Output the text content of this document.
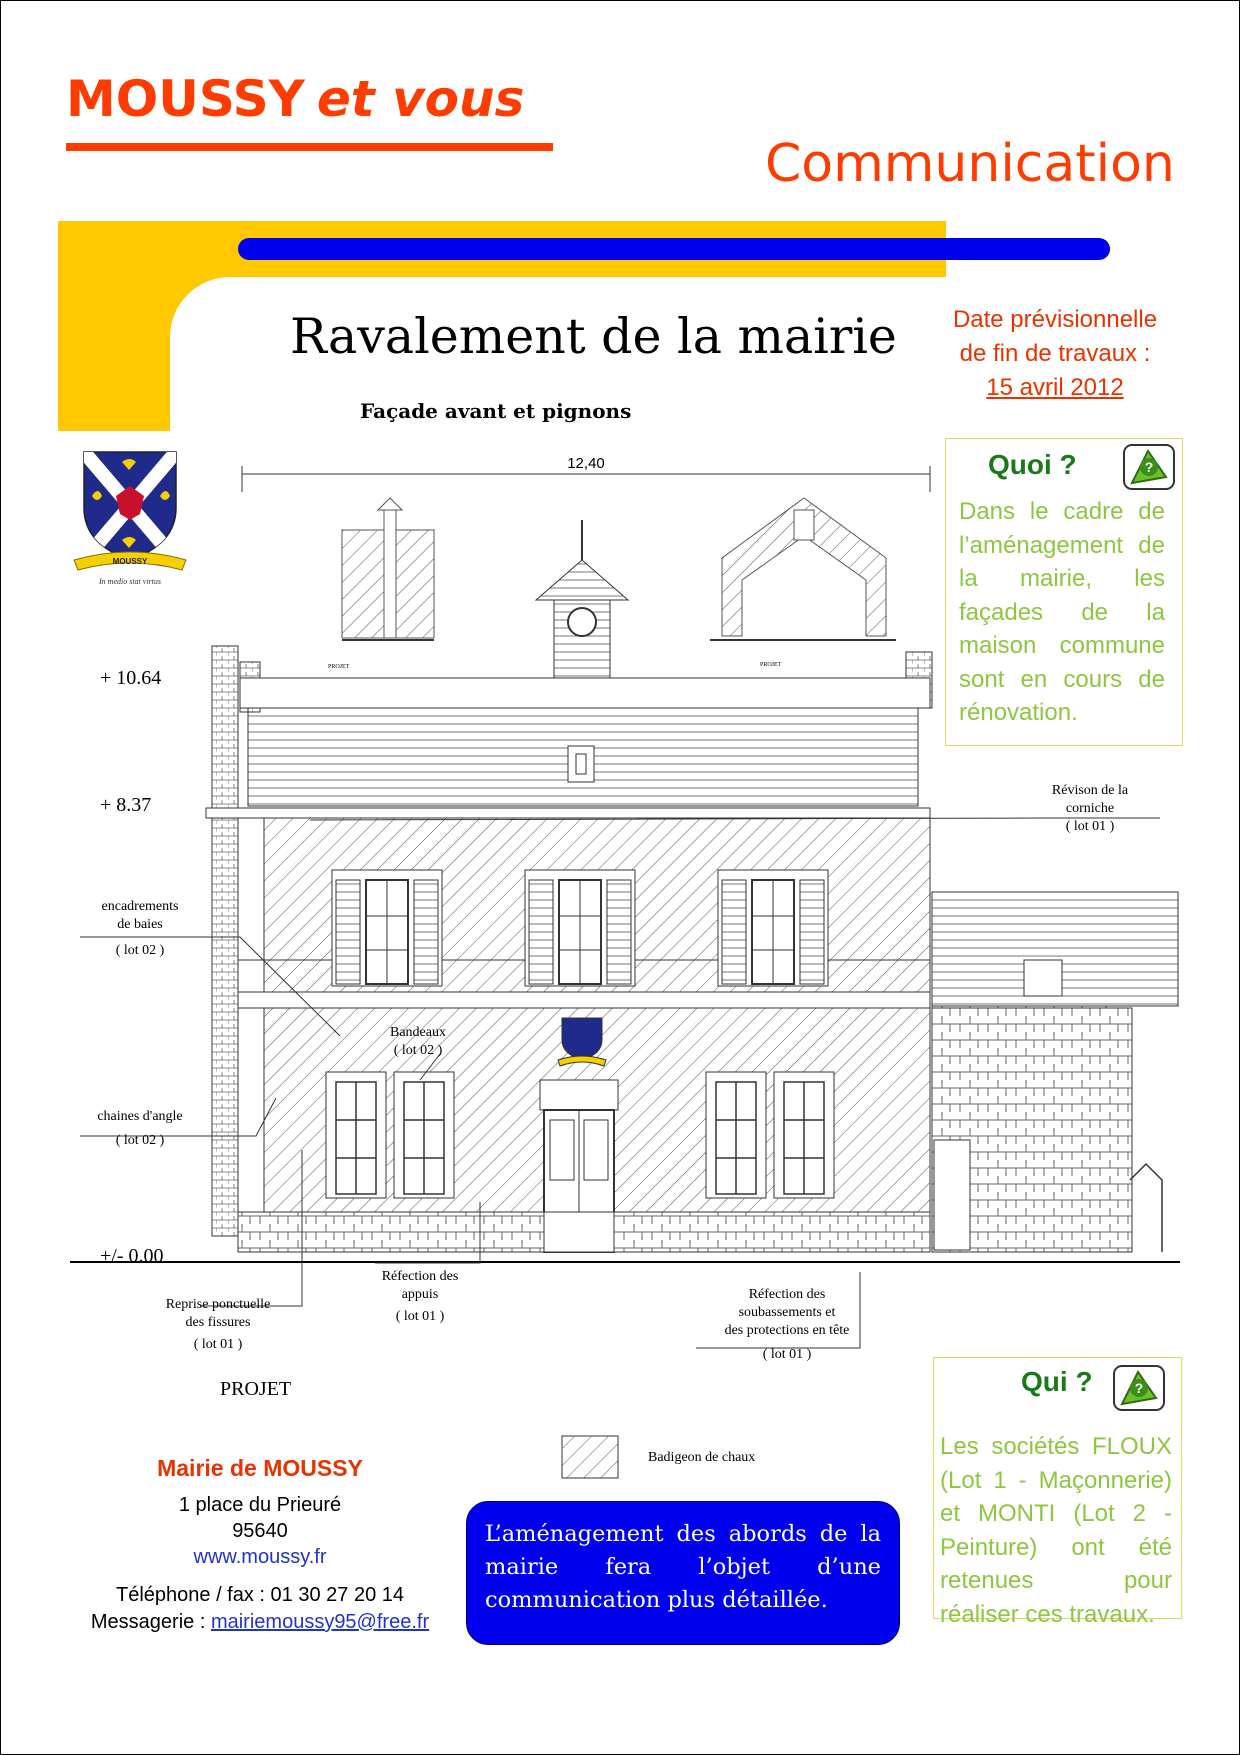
MOUSSY et vous
Communication
Ravalement de la mairie
Façade avant et pignons
Date prévisionnelle
de fin de travaux :
15 avril 2012
MOUSSY
In medio stat virtus
12,40
PROJET	PROJET
+ 10.64
+ 8.37
+/- 0.00
Révison de la
corniche
( lot 01 )
encadrements
de baies
( lot 02 )
Bandeaux
( lot 02 )
chaines d'angle
( lot 02 )
Reprise ponctuelle
des fissures
( lot 01 )
Réfection des
appuis
( lot 01 )
Réfection des
soubassements et
des protections en tête
( lot 01 )
PROJET
Badigeon de chaux
Quoi ?	?
Dans le cadre de l’aménagement de la mairie, les façades de la maison commune sont en cours de rénovation.
Qui ?	?
Les sociétés FLOUX (Lot 1 - Maçonnerie) et MONTI (Lot 2 - Peinture) ont été retenues pour réaliser ces travaux.
Mairie de MOUSSY
1 place du Prieuré
95640
www.moussy.fr
Téléphone / fax : 01 30 27 20 14
Messagerie : mairiemoussy95@free.fr
L’aménagement des abords de la mairie fera l’objet d’une communication plus détaillée.
